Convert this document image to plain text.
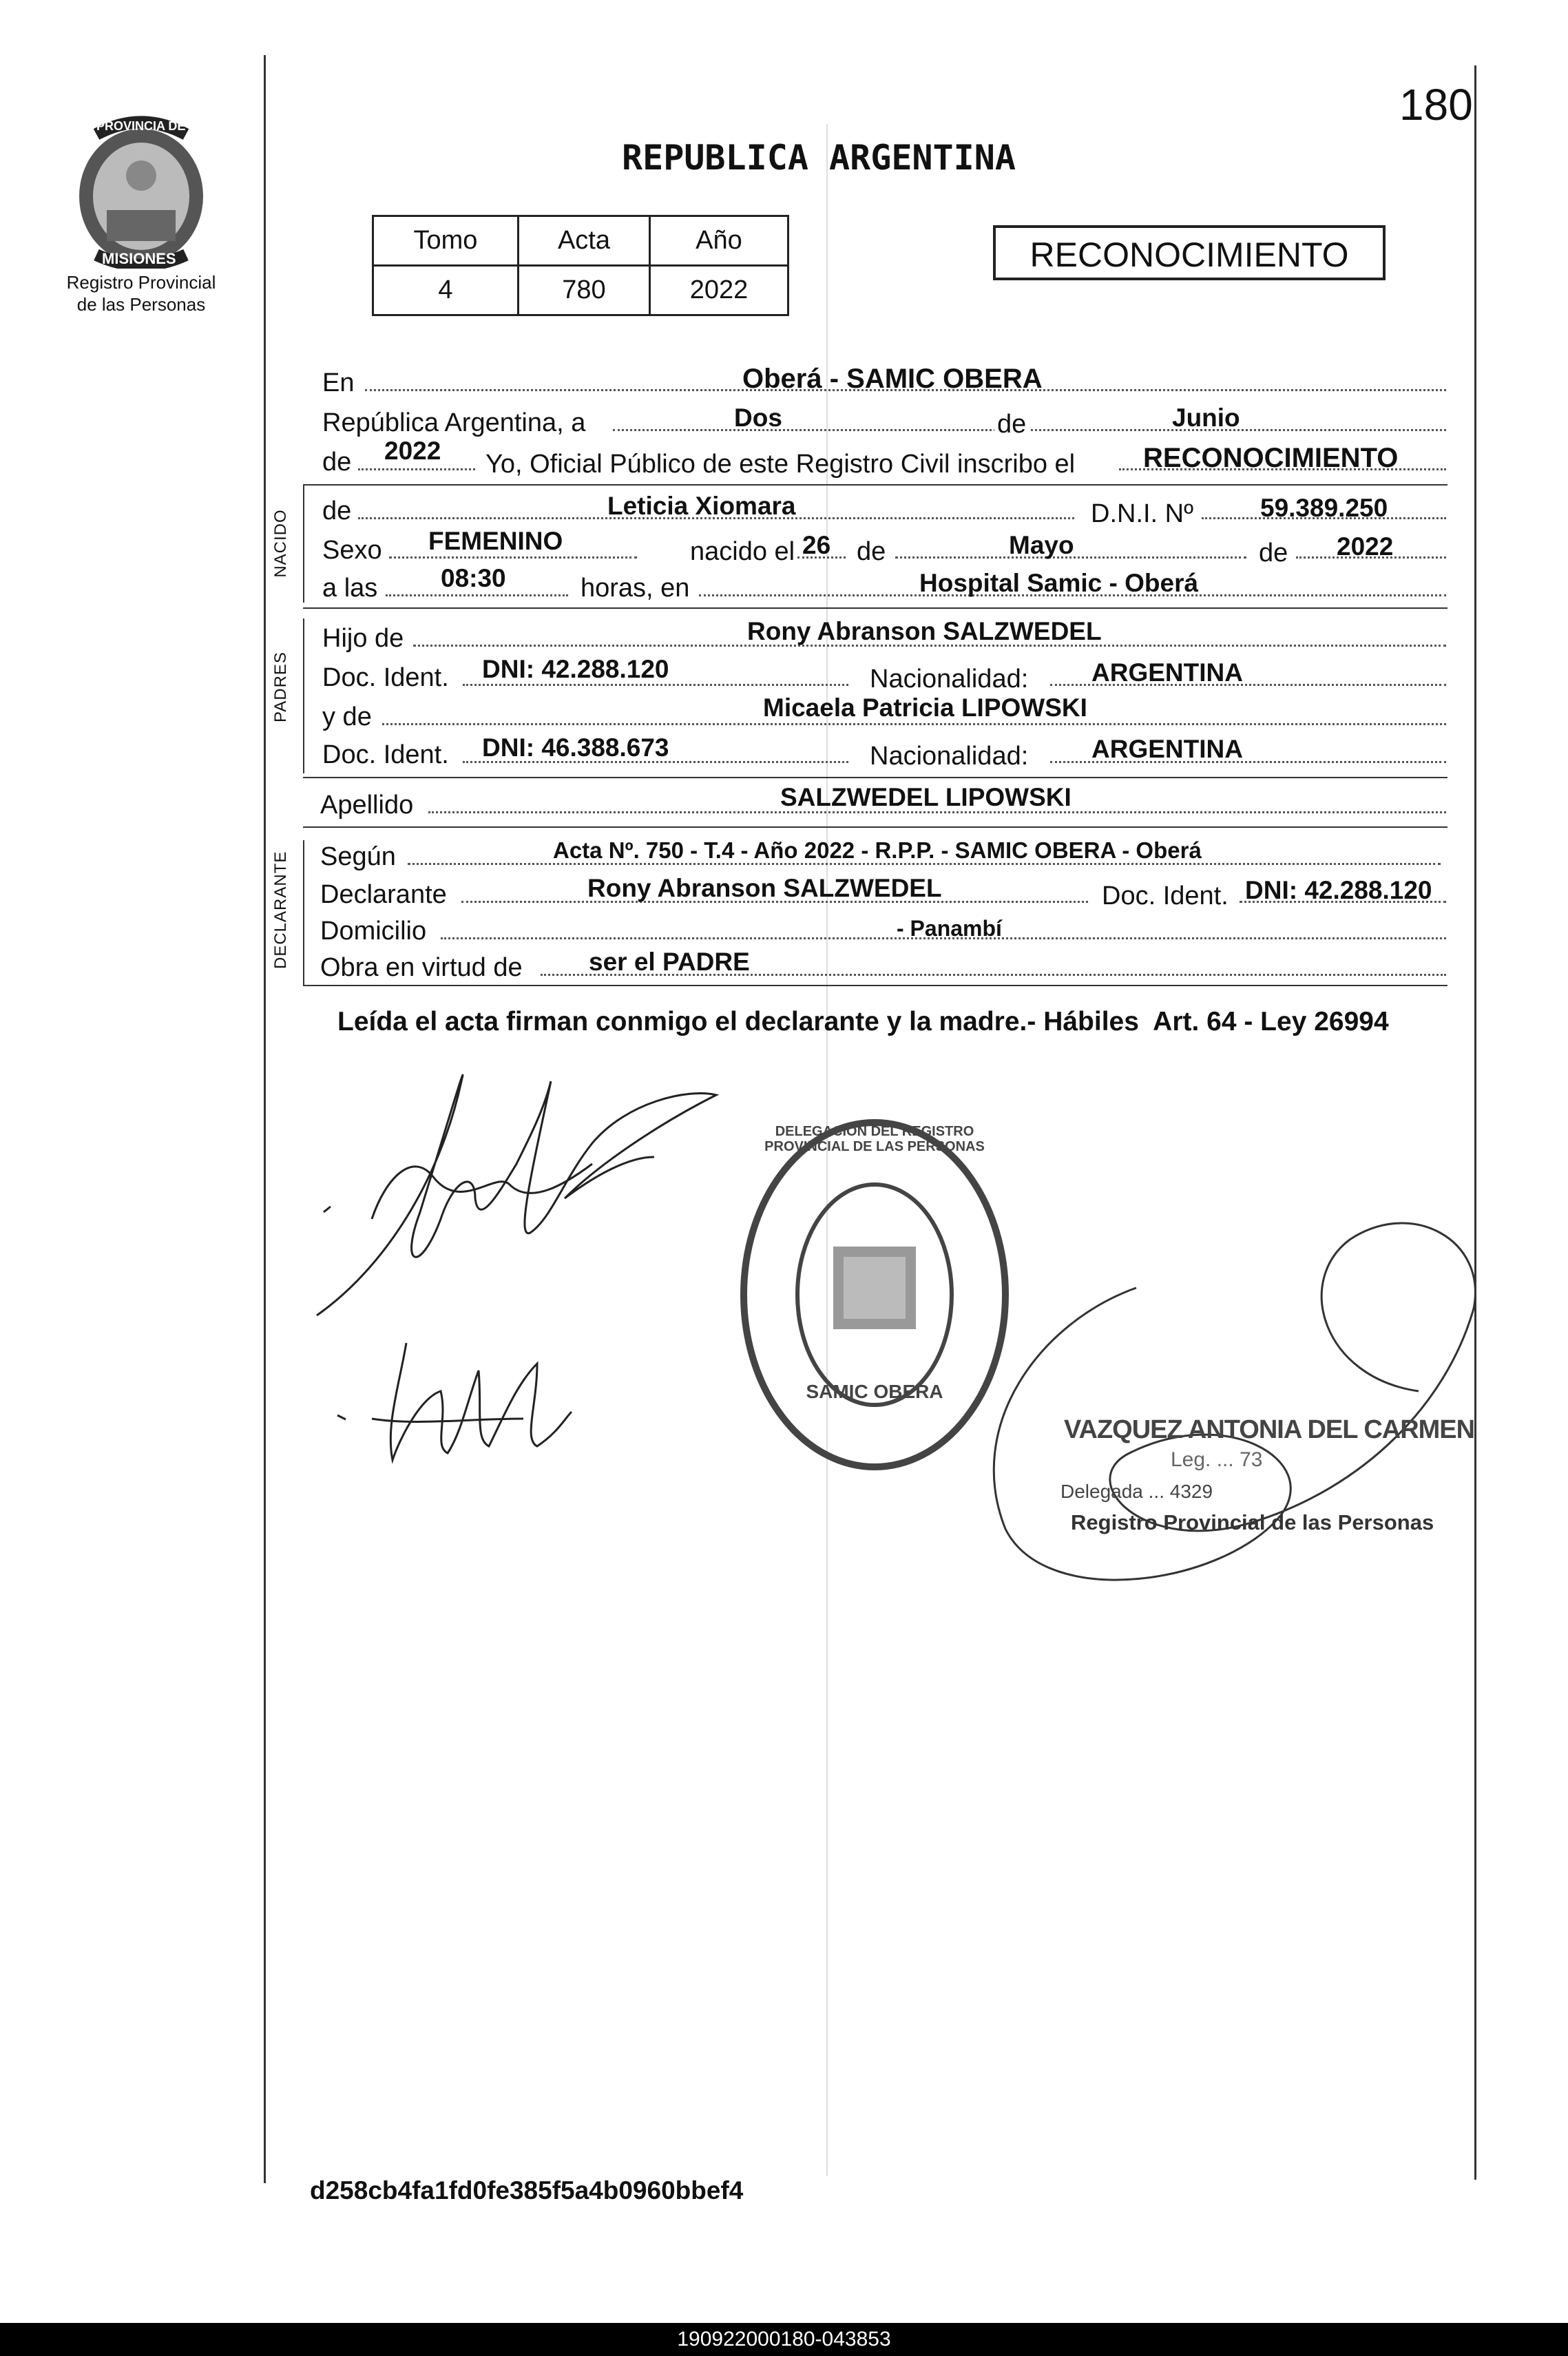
180
PROVINCIA DE
MISIONES
Registro Provincial
de las Personas
REPUBLICA ARGENTINA
Tomo	Acta	Año
4	780	2022
RECONOCIMIENTO
En	Oberá - SAMIC OBERA
República Argentina, a	Dos	de	Junio
de 2022 Yo, Oficial Público de este Registro Civil inscribo el RECONOCIMIENTO
NACIDO de	Leticia Xiomara	D.N.I. Nº	59.389.250
Sexo FEMENINO	nacido el 26 de	Mayo	de 2022
a las 08:30	horas, en	Hospital Samic - Oberá
PADRES
Hijo de	Rony Abranson SALZWEDEL
Doc. Ident. DNI: 42.288.120	Nacionalidad: ARGENTINA
y de	Micaela Patricia LIPOWSKI
Doc. Ident. DNI: 46.388.673	Nacionalidad: ARGENTINA
Apellido	SALZWEDEL LIPOWSKI
DECLARANTE Según	Acta Nº. 750 - T.4 - Año 2022 - R.P.P. - SAMIC OBERA - Oberá
Declarante	Rony Abranson SALZWEDEL	Doc. Ident. DNI: 42.288.120
Domicilio	- Panambí
Obra en virtud de	ser el PADRE
Leída el acta firman conmigo el declarante y la madre.- Hábiles  Art. 64 - Ley 26994
DELEGACION DEL REGISTRO PROVINCIAL DE LAS PERSONAS
SAMIC OBERA
VAZQUEZ ANTONIA DEL CARMEN
Leg. ... 73
Delegada ... 4329
Registro Provincial de las Personas
d258cb4fa1fd0fe385f5a4b0960bbef4
190922000180-043853
